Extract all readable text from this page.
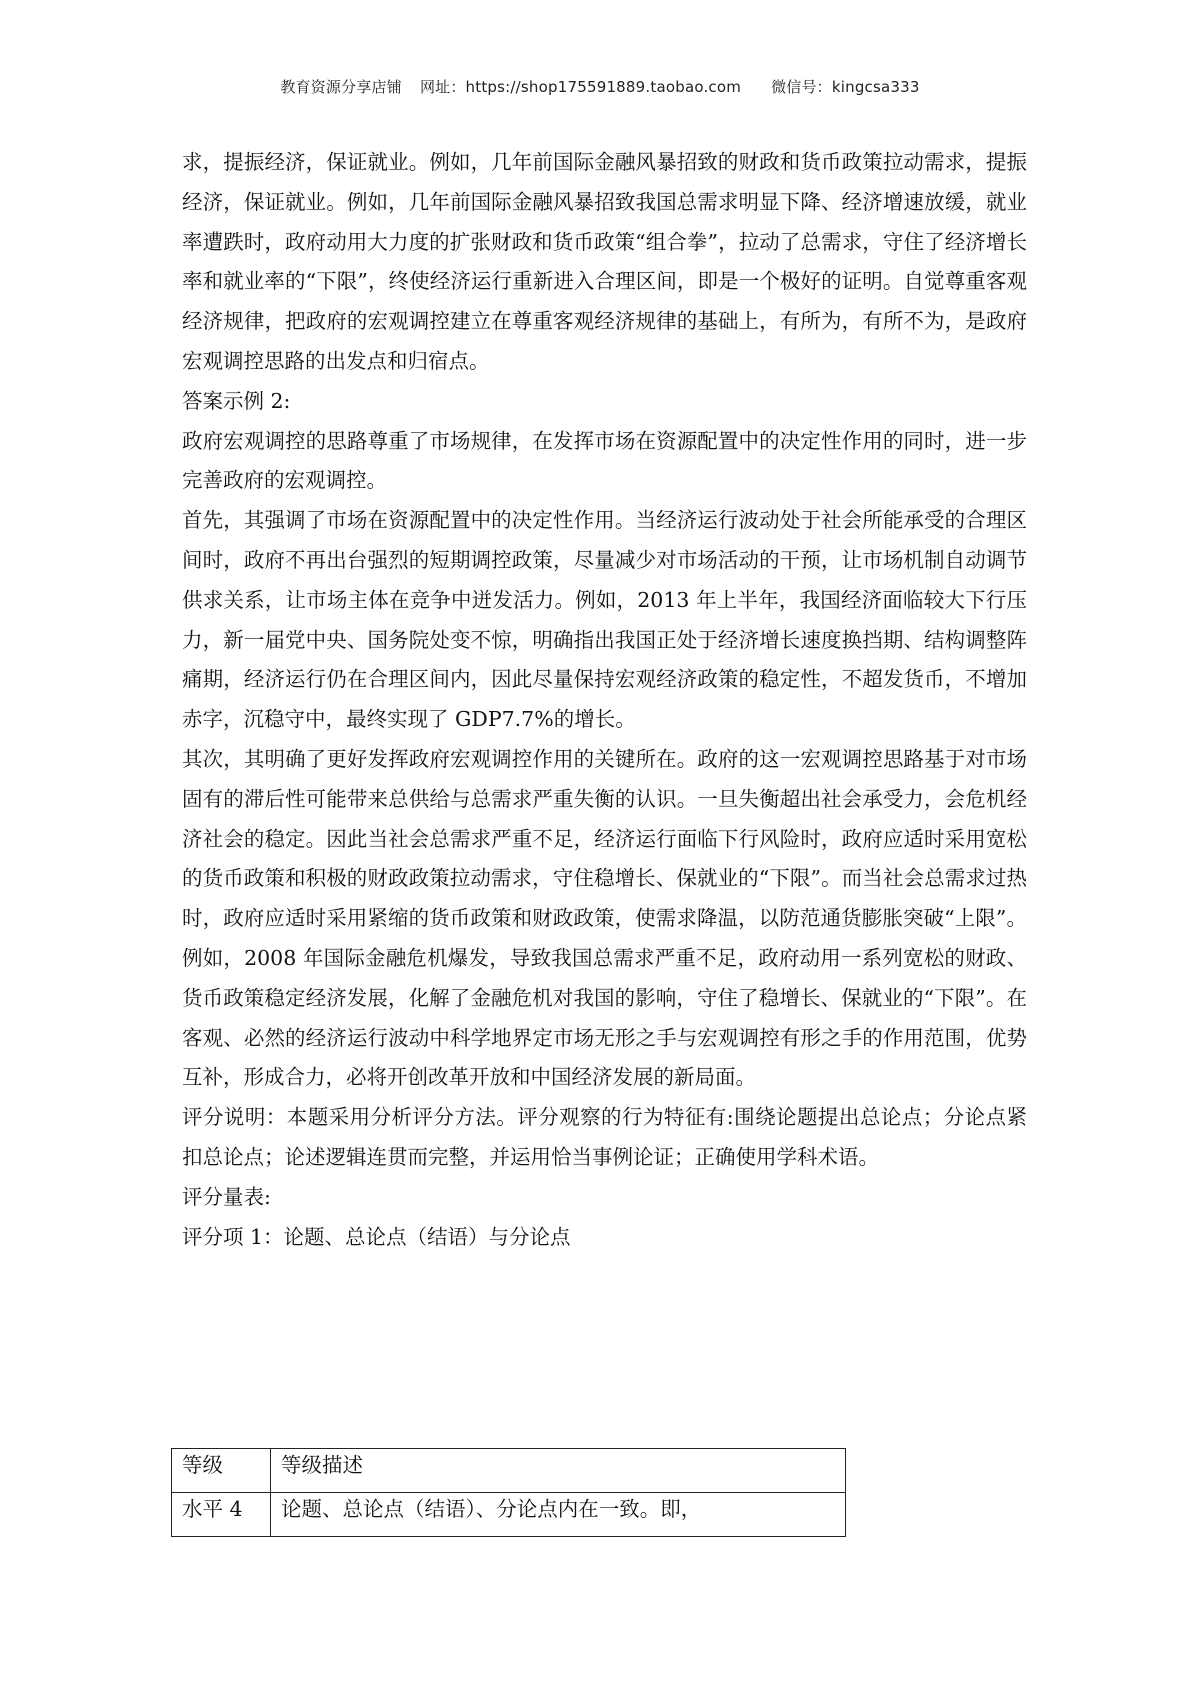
教育资源分享店铺 网址：https://shop175591889.taobao.com 微信号：kingcsa333

求，提振经济，保证就业。例如，几年前国际金融风暴招致的财政和货币政策拉动需求，提振经济，保证就业。例如，几年前国际金融风暴招致我国总需求明显下降、经济增速放缓，就业率遭跌时，政府动用大力度的扩张财政和货币政策“组合拳”，拉动了总需求，守住了经济增长率和就业率的“下限”，终使经济运行重新进入合理区间，即是一个极好的证明。自觉尊重客观经济规律，把政府的宏观调控建立在尊重客观经济规律的基础上，有所为，有所不为，是政府宏观调控思路的出发点和归宿点。

答案示例 2:

政府宏观调控的思路尊重了市场规律，在发挥市场在资源配置中的决定性作用的同时，进一步完善政府的宏观调控。

首先，其强调了市场在资源配置中的决定性作用。当经济运行波动处于社会所能承受的合理区间时，政府不再出台强烈的短期调控政策，尽量减少对市场活动的干预，让市场机制自动调节供求关系，让市场主体在竞争中迸发活力。例如，2013 年上半年，我国经济面临较大下行压力，新一届党中央、国务院处变不惊，明确指出我国正处于经济增长速度换挡期、结构调整阵痛期，经济运行仍在合理区间内，因此尽量保持宏观经济政策的稳定性，不超发货币，不增加赤字，沉稳守中，最终实现了 GDP7.7%的增长。

其次，其明确了更好发挥政府宏观调控作用的关键所在。政府的这一宏观调控思路基于对市场固有的滞后性可能带来总供给与总需求严重失衡的认识。一旦失衡超出社会承受力，会危机经济社会的稳定。因此当社会总需求严重不足，经济运行面临下行风险时，政府应适时采用宽松的货币政策和积极的财政政策拉动需求，守住稳增长、保就业的“下限”。而当社会总需求过热时，政府应适时采用紧缩的货币政策和财政政策，使需求降温，以防范通货膨胀突破“上限”。例如，2008 年国际金融危机爆发，导致我国总需求严重不足，政府动用一系列宽松的财政、货币政策稳定经济发展，化解了金融危机对我国的影响，守住了稳增长、保就业的“下限”。在客观、必然的经济运行波动中科学地界定市场无形之手与宏观调控有形之手的作用范围，优势互补，形成合力，必将开创改革开放和中国经济发展的新局面。

评分说明：本题采用分析评分方法。评分观察的行为特征有:围绕论题提出总论点；分论点紧扣总论点；论述逻辑连贯而完整，并运用恰当事例论证；正确使用学科术语。

评分量表:

评分项 1：论题、总论点（结语）与分论点

等级	等级描述
水平 4	论题、总论点（结语）、分论点内在一致。即，
